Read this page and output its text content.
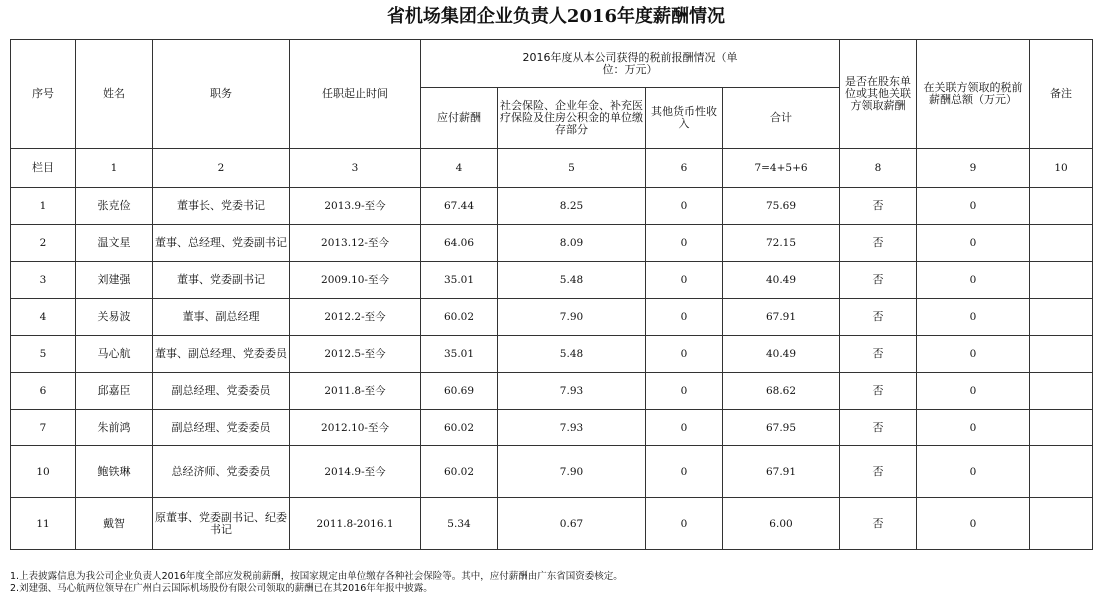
省机场集团企业负责人2016年度薪酬情况
序号	姓名	职务	任职起止时间	2016年度从本公司获得的税前报酬情况（单位：万元）				是否在股东单位或其他关联方领取薪酬	在关联方领取的税前薪酬总额（万元）	备注
				应付薪酬	社会保险、企业年金、补充医疗保险及住房公积金的单位缴存部分	其他货币性收入	合计			
栏目	1	2	3	4	5	6	7=4+5+6	8	9	10
1	张克俭	董事长、党委书记	2013.9-至今	67.44	8.25	0	75.69	否	0	
2	温文星	董事、总经理、党委副书记	2013.12-至今	64.06	8.09	0	72.15	否	0	
3	刘建强	董事、党委副书记	2009.10-至今	35.01	5.48	0	40.49	否	0	
4	关易波	董事、副总经理	2012.2-至今	60.02	7.90	0	67.91	否	0	
5	马心航	董事、副总经理、党委委员	2012.5-至今	35.01	5.48	0	40.49	否	0	
6	邱嘉臣	副总经理、党委委员	2011.8-至今	60.69	7.93	0	68.62	否	0	
7	朱前鸿	副总经理、党委委员	2012.10-至今	60.02	7.93	0	67.95	否	0	
10	鲍铁琳	总经济师、党委委员	2014.9-至今	60.02	7.90	0	67.91	否	0	
11	戴智	原董事、党委副书记、纪委书记	2011.8-2016.1	5.34	0.67	0	6.00	否	0	
1.上表披露信息为我公司企业负责人2016年度全部应发税前薪酬，按国家规定由单位缴存各种社会保险等。其中，应付薪酬由广东省国资委核定。
2.刘建强、马心航两位领导在广州白云国际机场股份有限公司领取的薪酬已在其2016年年报中披露。
